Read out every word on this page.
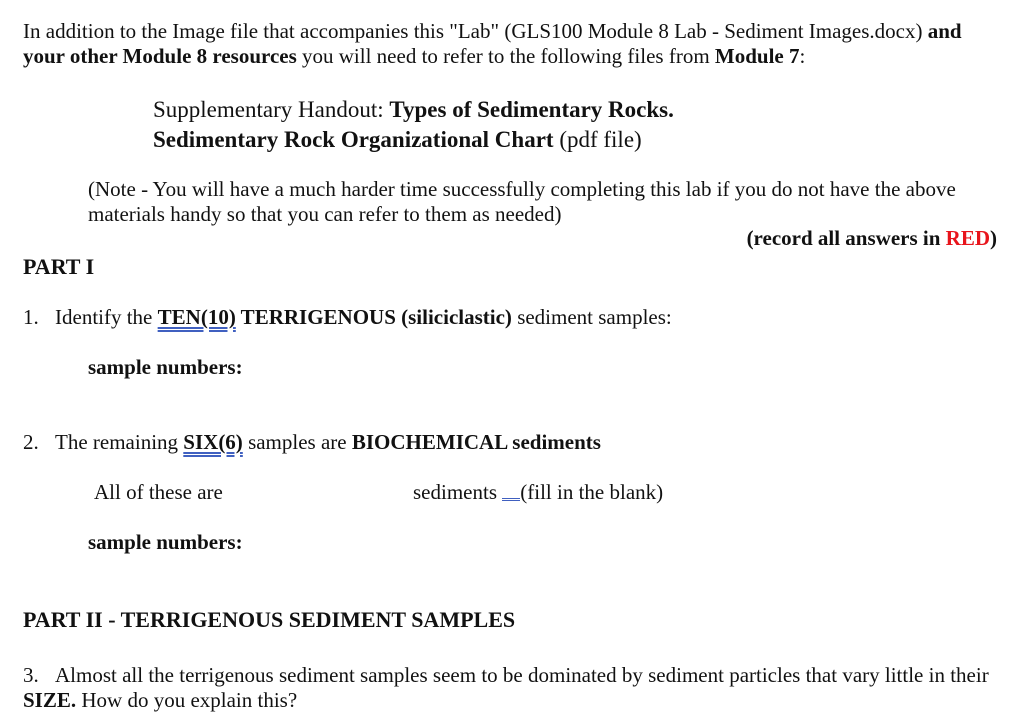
In addition to the Image file that accompanies this "Lab" (GLS100 Module 8 Lab - Sediment Images.docx) and your other Module 8 resources you will need to refer to the following files from Module 7:

Supplementary Handout: Types of Sedimentary Rocks.
Sedimentary Rock Organizational Chart (pdf file)

(Note - You will have a much harder time successfully completing this lab if you do not have the above materials handy so that you can refer to them as needed)

(record all answers in RED)
PART I
1. Identify the TEN(10) TERRIGENOUS (siliciclastic) sediment samples:
sample numbers:
2. The remaining SIX(6) samples are BIOCHEMICAL sediments
All of these are	sediments (fill in the blank)
sample numbers:
PART II - TERRIGENOUS SEDIMENT SAMPLES

3. Almost all the terrigenous sediment samples seem to be dominated by sediment particles that vary little in their SIZE. How do you explain this?
